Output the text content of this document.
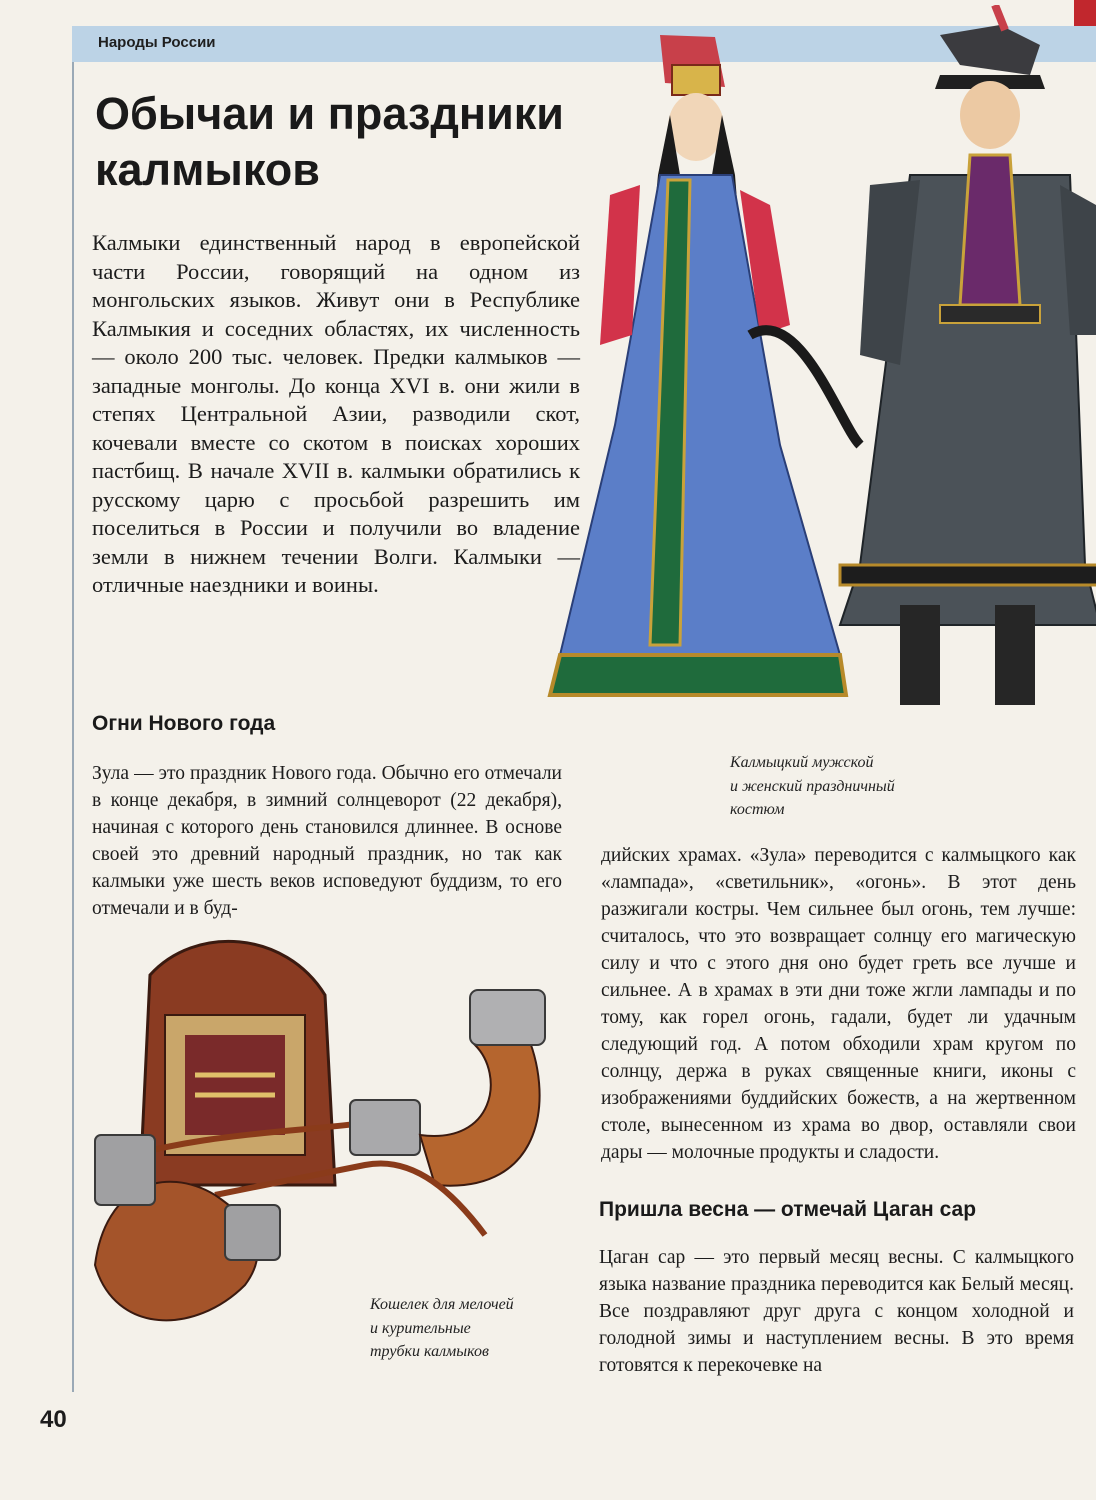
Народы России
Обычаи и праздники калмыков

Калмыки единственный народ в европейской части России, говорящий на одном из монгольских языков. Живут они в Республике Калмыкия и соседних областях, их численность — около 200 тыс. человек. Предки калмыков — западные монголы. До конца XVI в. они жили в степях Центральной Азии, разводили скот, кочевали вместе со скотом в поисках хороших пастбищ. В начале XVII в. калмыки обратились к русскому царю с просьбой разрешить им поселиться в России и получили во владение земли в нижнем течении Волги. Калмыки — отличные наездники и воины.

Калмыцкий мужской
и женский праздничный
костюм
Огни Нового года

Зула — это праздник Нового года. Обычно его отмечали в конце декабря, в зимний солнцеворот (22 декабря), начиная с которого день становился длиннее. В основе своей это древний народный праздник, но так как калмыки уже шесть веков исповедуют буддизм, то его отмечали и в буд-

дийских храмах. «Зула» переводится с калмыцкого как «лампада», «светильник», «огонь». В этот день разжигали костры. Чем сильнее был огонь, тем лучше: считалось, что это возвращает солнцу его магическую силу и что с этого дня оно будет греть все лучше и сильнее. А в храмах в эти дни тоже жгли лампады и по тому, как горел огонь, гадали, будет ли удачным следующий год. А потом обходили храм кругом по солнцу, держа в руках священные книги, иконы с изображениями буддийских божеств, а на жертвенном столе, вынесенном из храма во двор, оставляли свои дары — молочные продукты и сладости.

Кошелек для мелочей
и курительные
трубки калмыков
Пришла весна — отмечай Цаган сар

Цаган сар — это первый месяц весны. С калмыцкого языка название праздника переводится как Белый месяц. Все поздравляют друг друга с концом холодной и голодной зимы и наступлением весны. В это время готовятся к перекочевке на

40
